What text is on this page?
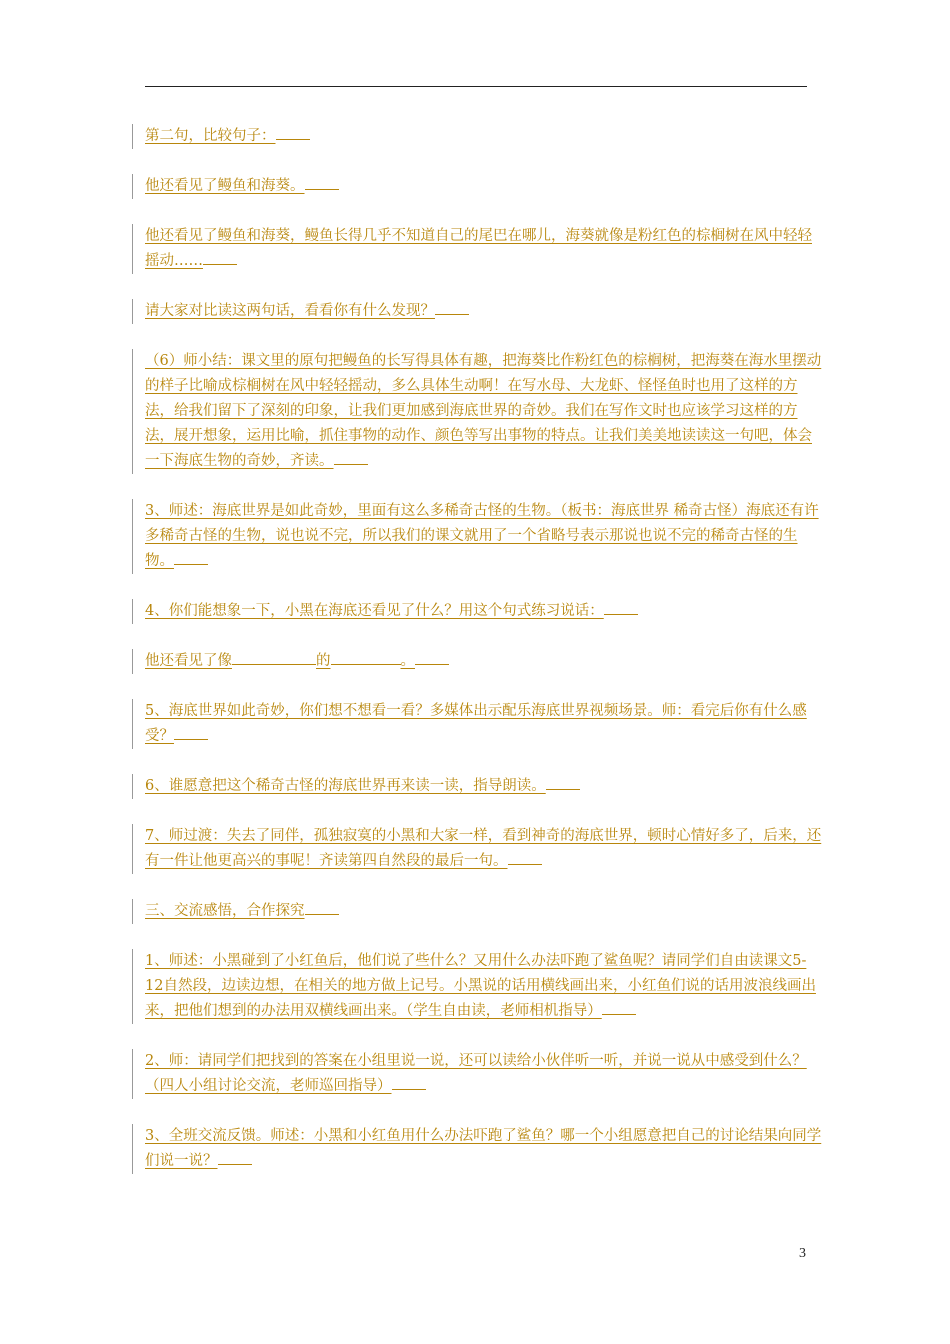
第二句，比较句子：

他还看见了鳗鱼和海葵。

他还看见了鳗鱼和海葵，鳗鱼长得几乎不知道自己的尾巴在哪儿，海葵就像是粉红色的棕榈树在风中轻轻摇动……

请大家对比读这两句话，看看你有什么发现？

（6）师小结：课文里的原句把鳗鱼的长写得具体有趣，把海葵比作粉红色的棕榈树，把海葵在海水里摆动的样子比喻成棕榈树在风中轻轻摇动，多么具体生动啊！在写水母、大龙虾、怪怪鱼时也用了这样的方法，给我们留下了深刻的印象，让我们更加感到海底世界的奇妙。我们在写作文时也应该学习这样的方法，展开想象，运用比喻，抓住事物的动作、颜色等写出事物的特点。让我们美美地读读这一句吧，体会一下海底生物的奇妙，齐读。

3、师述：海底世界是如此奇妙，里面有这么多稀奇古怪的生物。（板书：海底世界 稀奇古怪）海底还有许多稀奇古怪的生物，说也说不完，所以我们的课文就用了一个省略号表示那说也说不完的稀奇古怪的生物。

4、你们能想象一下，小黑在海底还看见了什么？用这个句式练习说话：

他还看见了像	的	。

5、海底世界如此奇妙，你们想不想看一看？多媒体出示配乐海底世界视频场景。师：看完后你有什么感受？

6、谁愿意把这个稀奇古怪的海底世界再来读一读，指导朗读。

7、师过渡：失去了同伴，孤独寂寞的小黑和大家一样，看到神奇的海底世界，顿时心情好多了，后来，还有一件让他更高兴的事呢！齐读第四自然段的最后一句。

三、交流感悟，合作探究

1、师述：小黑碰到了小红鱼后，他们说了些什么？又用什么办法吓跑了鲨鱼呢？请同学们自由读课文5-12自然段，边读边想，在相关的地方做上记号。小黑说的话用横线画出来，小红鱼们说的话用波浪线画出来，把他们想到的办法用双横线画出来。（学生自由读，老师相机指导）

2、师：请同学们把找到的答案在小组里说一说，还可以读给小伙伴听一听，并说一说从中感受到什么？（四人小组讨论交流，老师巡回指导）

3、全班交流反馈。师述：小黑和小红鱼用什么办法吓跑了鲨鱼？哪一个小组愿意把自己的讨论结果向同学们说一说？

3
